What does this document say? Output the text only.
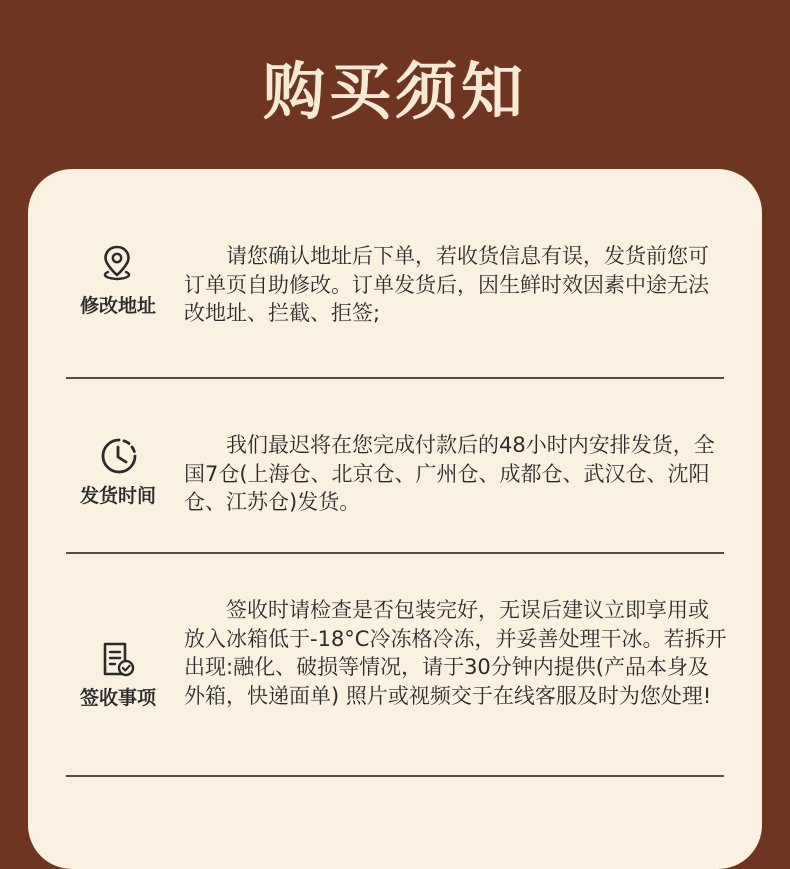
购买须知
修改地址
请您确认地址后下单，若收货信息有误，发货前您可订单页自助修改。订单发货后，因生鲜时效因素中途无法改地址、拦截、拒签;
发货时间
我们最迟将在您完成付款后的48小时内安排发货，全国7仓(上海仓、北京仓、广州仓、成都仓、武汉仓、沈阳仓、江苏仓)发货。
签收事项
签收时请检查是否包装完好，无误后建议立即享用或放入冰箱低于-18°C冷冻格冷冻，并妥善处理干冰。若拆开出现:融化、破损等情况，请于30分钟内提供(产品本身及外箱，快递面单) 照片或视频交于在线客服及时为您处理!
